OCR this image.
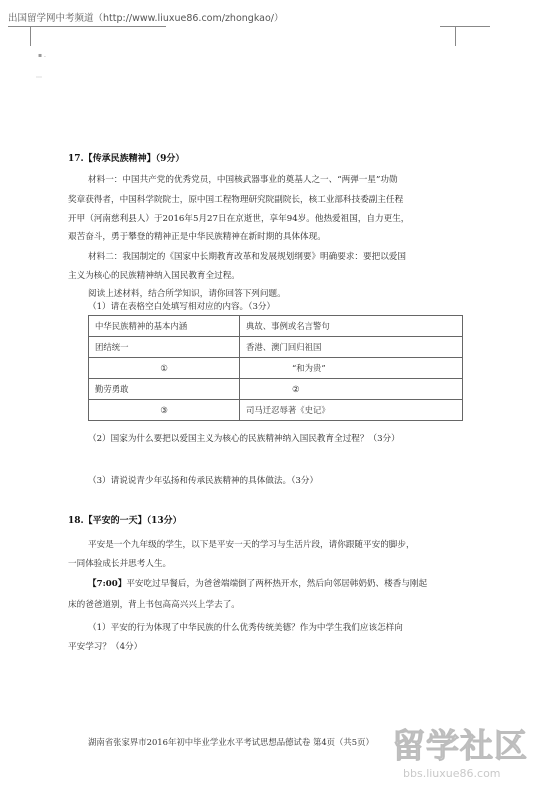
出国留学网中考频道（http://www.liuxue86.com/zhongkao/）
▪ .
⋯
17.【传承民族精神】（9分）
材料一：中国共产党的优秀党员，中国核武器事业的奠基人之一、“两弹一星”功勋
奖章获得者，中国科学院院士，原中国工程物理研究院副院长，核工业部科技委副主任程
开甲（河南慈利县人）于2016年5月27日在京逝世，享年94岁。他热爱祖国，自力更生，
艰苦奋斗，勇于攀登的精神正是中华民族精神在新时期的具体体现。
材料二：我国制定的《国家中长期教育改革和发展规划纲要》明确要求：要把以爱国
主义为核心的民族精神纳入国民教育全过程。
阅读上述材料，结合所学知识，请你回答下列问题。
（1）请在表格空白处填写相对应的内容。（3分）
中华民族精神的基本内涵	典故、事例或名言警句
团结统一	香港、澳门回归祖国
①	“和为贵”
勤劳勇敢	②
③	司马迁忍辱著《史记》
（2）国家为什么要把以爱国主义为核心的民族精神纳入国民教育全过程？（3分）
（3）请说说青少年弘扬和传承民族精神的具体做法。（3分）
18.【平安的一天】（13分）
平安是一个九年级的学生，以下是平安一天的学习与生活片段，请你跟随平安的脚步，
一同体验成长并思考人生。
【7:00】平安吃过早餐后，为爸爸端端倒了两杯热开水，然后向邻居韩奶奶、楼香与刚起
床的爸爸道别，背上书包高高兴兴上学去了。
（1）平安的行为体现了中华民族的什么优秀传统美德？作为中学生我们应该怎样向
平安学习？（4分）
湖南省张家界市2016年初中毕业学业水平考试思想品德试卷 第4页（共5页） 留学社区
bbs.liuxue86.com
